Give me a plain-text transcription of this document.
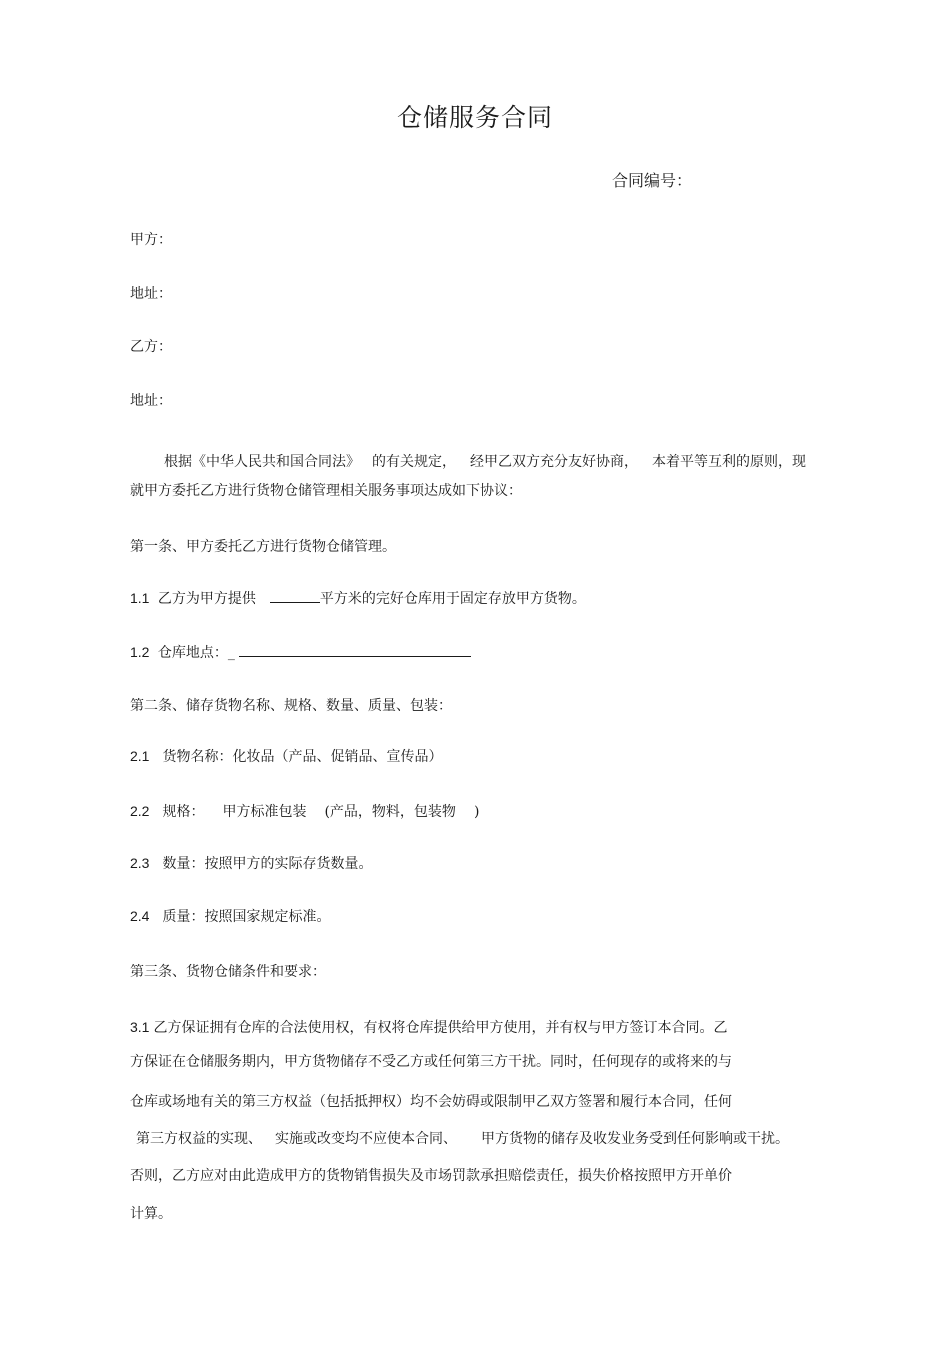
仓储服务合同
合同编号：
甲方：
地址：
乙方：
地址：
根据《中华人民共和国合同法》 的有关规定， 经甲乙双方充分友好协商， 本着平等互利的原则，现
就甲方委托乙方进行货物仓储管理相关服务事项达成如下协议：
第一条、甲方委托乙方进行货物仓储管理。
1.1 乙方为甲方提供	平方米的完好仓库用于固定存放甲方货物。
1.2 仓库地点：_
第二条、储存货物名称、规格、数量、质量、包装：
2.1 货物名称：化妆品（产品、促销品、宣传品）
2.2 规格： 甲方标准包装 (产品，物料，包装物 )
2.3 数量：按照甲方的实际存货数量。
2.4 质量：按照国家规定标准。
第三条、货物仓储条件和要求：
3.1 乙方保证拥有仓库的合法使用权，有权将仓库提供给甲方使用，并有权与甲方签订本合同。乙
方保证在仓储服务期内，甲方货物储存不受乙方或任何第三方干扰。同时，任何现存的或将来的与
仓库或场地有关的第三方权益（包括抵押权）均不会妨碍或限制甲乙双方签署和履行本合同，任何
第三方权益的实现、 实施或改变均不应使本合同、 甲方货物的储存及收发业务受到任何影响或干扰。
否则，乙方应对由此造成甲方的货物销售损失及市场罚款承担赔偿责任，损失价格按照甲方开单价
计算。
